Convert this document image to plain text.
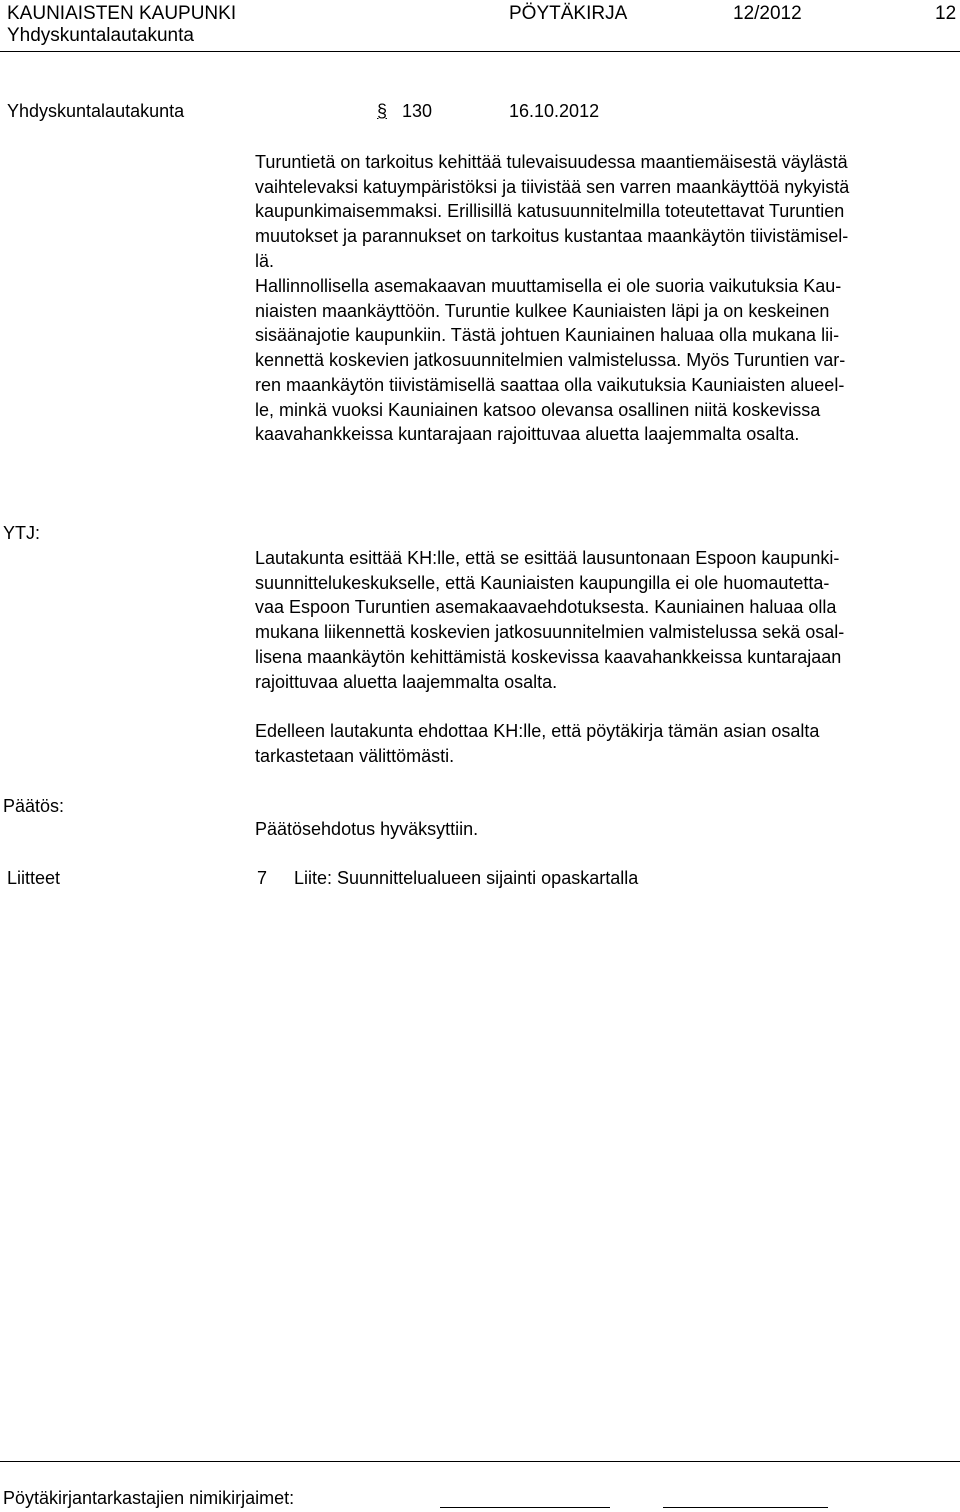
KAUNIAISTEN KAUPUNKI
Yhdyskuntalautakunta
PÖYTÄKIRJA	12/2012	12
Yhdyskuntalautakunta	§ 130	16.10.2012
Turuntietä on tarkoitus kehittää tulevaisuudessa maantiemäisestä väylästä
vaihtelevaksi katuympäristöksi ja tiivistää sen varren maankäyttöä nykyistä
kaupunkimaisemmaksi. Erillisillä katusuunnitelmilla toteutettavat Turuntien
muutokset ja parannukset on tarkoitus kustantaa maankäytön tiivistämisel-
lä.
Hallinnollisella asemakaavan muuttamisella ei ole suoria vaikutuksia Kau-
niaisten maankäyttöön. Turuntie kulkee Kauniaisten läpi ja on keskeinen
sisäänajotie kaupunkiin. Tästä johtuen Kauniainen haluaa olla mukana lii-
kennettä koskevien jatkosuunnitelmien valmistelussa. Myös Turuntien var-
ren maankäytön tiivistämisellä saattaa olla vaikutuksia Kauniaisten alueel-
le, minkä vuoksi Kauniainen katsoo olevansa osallinen niitä koskevissa
kaavahankkeissa kuntarajaan rajoittuvaa aluetta laajemmalta osalta.
YTJ:
Lautakunta esittää KH:lle, että se esittää lausuntonaan Espoon kaupunki-
suunnittelukeskukselle, että Kauniaisten kaupungilla ei ole huomautetta-
vaa Espoon Turuntien asemakaavaehdotuksesta. Kauniainen haluaa olla
mukana liikennettä koskevien jatkosuunnitelmien valmistelussa sekä osal-
lisena maankäytön kehittämistä koskevissa kaavahankkeissa kuntarajaan
rajoittuvaa aluetta laajemmalta osalta.
Edelleen lautakunta ehdottaa KH:lle, että pöytäkirja tämän asian osalta
tarkastetaan välittömästi.
Päätös:
Päätösehdotus hyväksyttiin.
Liitteet	7 Liite: Suunnittelualueen sijainti opaskartalla
Pöytäkirjantarkastajien nimikirjaimet:
